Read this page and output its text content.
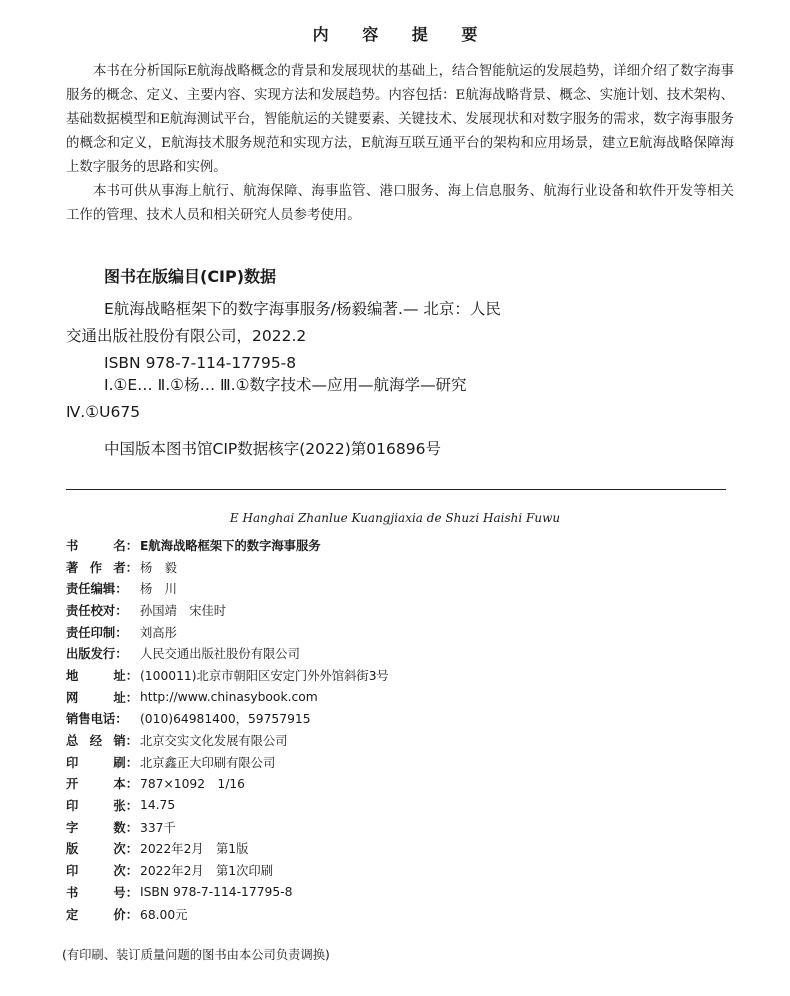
内 容 提 要

本书在分析国际E航海战略概念的背景和发展现状的基础上，结合智能航运的发展趋势，详细介绍了数字海事服务的概念、定义、主要内容、实现方法和发展趋势。内容包括：E航海战略背景、概念、实施计划、技术架构、基础数据模型和E航海测试平台，智能航运的关键要素、关键技术、发展现状和对数字服务的需求，数字海事服务的概念和定义，E航海技术服务规范和实现方法，E航海互联互通平台的架构和应用场景，建立E航海战略保障海上数字服务的思路和实例。

本书可供从事海上航行、航海保障、海事监管、港口服务、海上信息服务、航海行业设备和软件开发等相关工作的管理、技术人员和相关研究人员参考使用。

图书在版编目(CIP)数据

E航海战略框架下的数字海事服务/杨毅编著.— 北京：人民交通出版社股份有限公司，2022.2

ISBN 978-7-114-17795-8

Ⅰ.①E… Ⅱ.①杨… Ⅲ.①数字技术—应用—航海学—研究 Ⅳ.①U675

中国版本图书馆CIP数据核字(2022)第016896号

E Hanghai Zhanlue Kuangjiaxia de Shuzi Haishi Fuwu
书	名： E航海战略框架下的数字海事服务
著 作 者： 杨　毅
责任编辑： 杨　川
责任校对： 孙国靖　宋佳时
责任印制： 刘高彤
出版发行： 人民交通出版社股份有限公司
地	址： (100011)北京市朝阳区安定门外外馆斜街3号
网	址： http://www.chinasybook.com
销售电话： (010)64981400，59757915
总 经 销： 北京交实文化发展有限公司
印	刷： 北京鑫正大印刷有限公司
开	本： 787×1092　1/16
印	张： 14.75
字	数： 337千
版	次： 2022年2月　第1版
印	次： 2022年2月　第1次印刷
书	号： ISBN 978-7-114-17795-8
定	价： 68.00元
(有印刷、装订质量问题的图书由本公司负责调换)
